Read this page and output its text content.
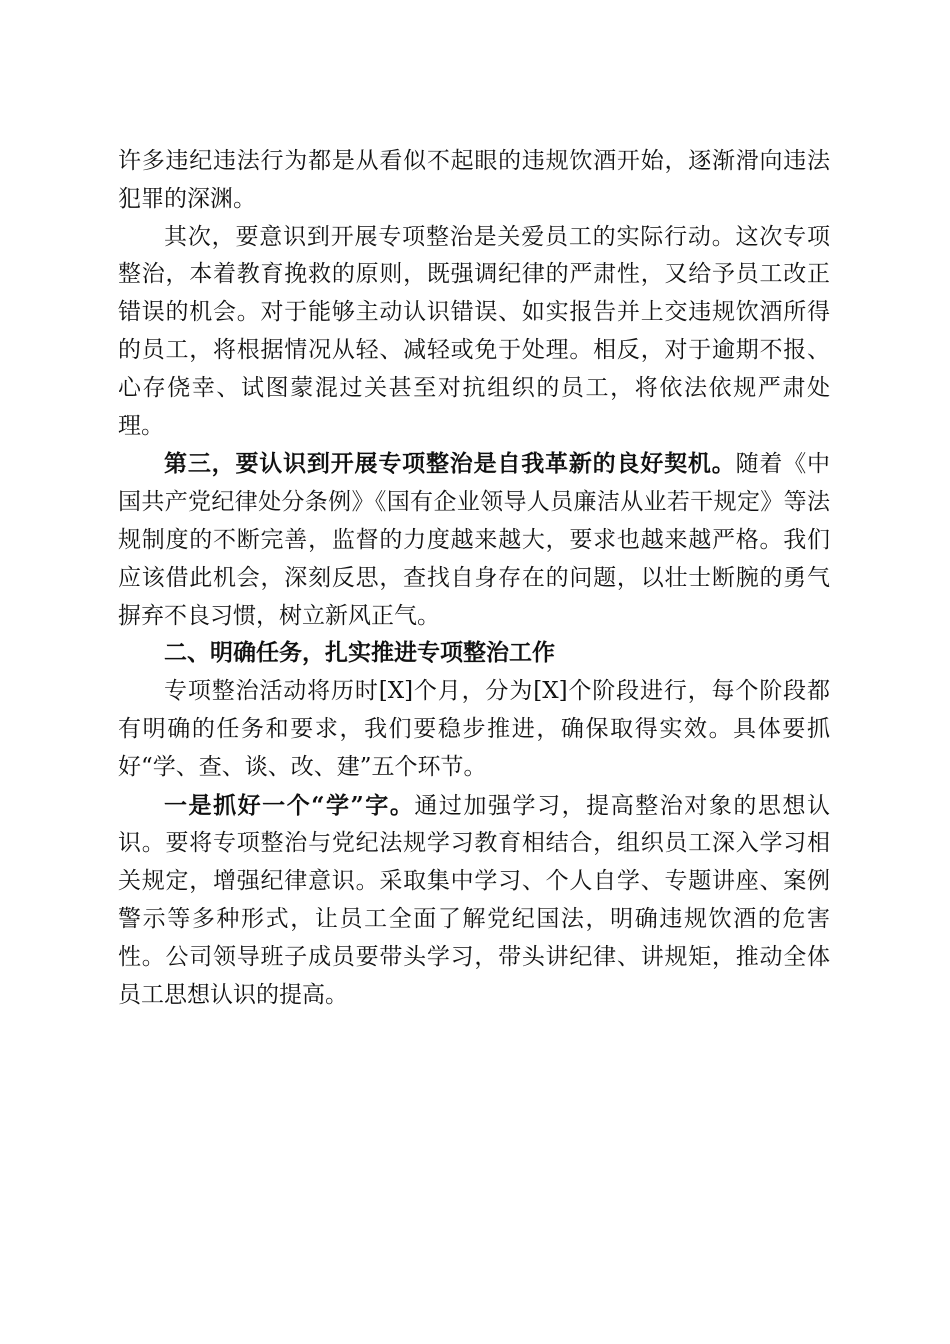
许多违纪违法行为都是从看似不起眼的违规饮酒开始，逐渐滑向违法犯罪的深渊。

其次，要意识到开展专项整治是关爱员工的实际行动。这次专项整治，本着教育挽救的原则，既强调纪律的严肃性，又给予员工改正错误的机会。对于能够主动认识错误、如实报告并上交违规饮酒所得的员工，将根据情况从轻、减轻或免于处理。相反，对于逾期不报、心存侥幸、试图蒙混过关甚至对抗组织的员工，将依法依规严肃处理。

第三，要认识到开展专项整治是自我革新的良好契机。随着《中国共产党纪律处分条例》《国有企业领导人员廉洁从业若干规定》等法规制度的不断完善，监督的力度越来越大，要求也越来越严格。我们应该借此机会，深刻反思，查找自身存在的问题，以壮士断腕的勇气摒弃不良习惯，树立新风正气。

二、明确任务，扎实推进专项整治工作

专项整治活动将历时[X]个月，分为[X]个阶段进行，每个阶段都有明确的任务和要求，我们要稳步推进，确保取得实效。具体要抓好“学、查、谈、改、建”五个环节。

一是抓好一个“学”字。通过加强学习，提高整治对象的思想认识。要将专项整治与党纪法规学习教育相结合，组织员工深入学习相关规定，增强纪律意识。采取集中学习、个人自学、专题讲座、案例警示等多种形式，让员工全面了解党纪国法，明确违规饮酒的危害性。公司领导班子成员要带头学习，带头讲纪律、讲规矩，推动全体员工思想认识的提高。
